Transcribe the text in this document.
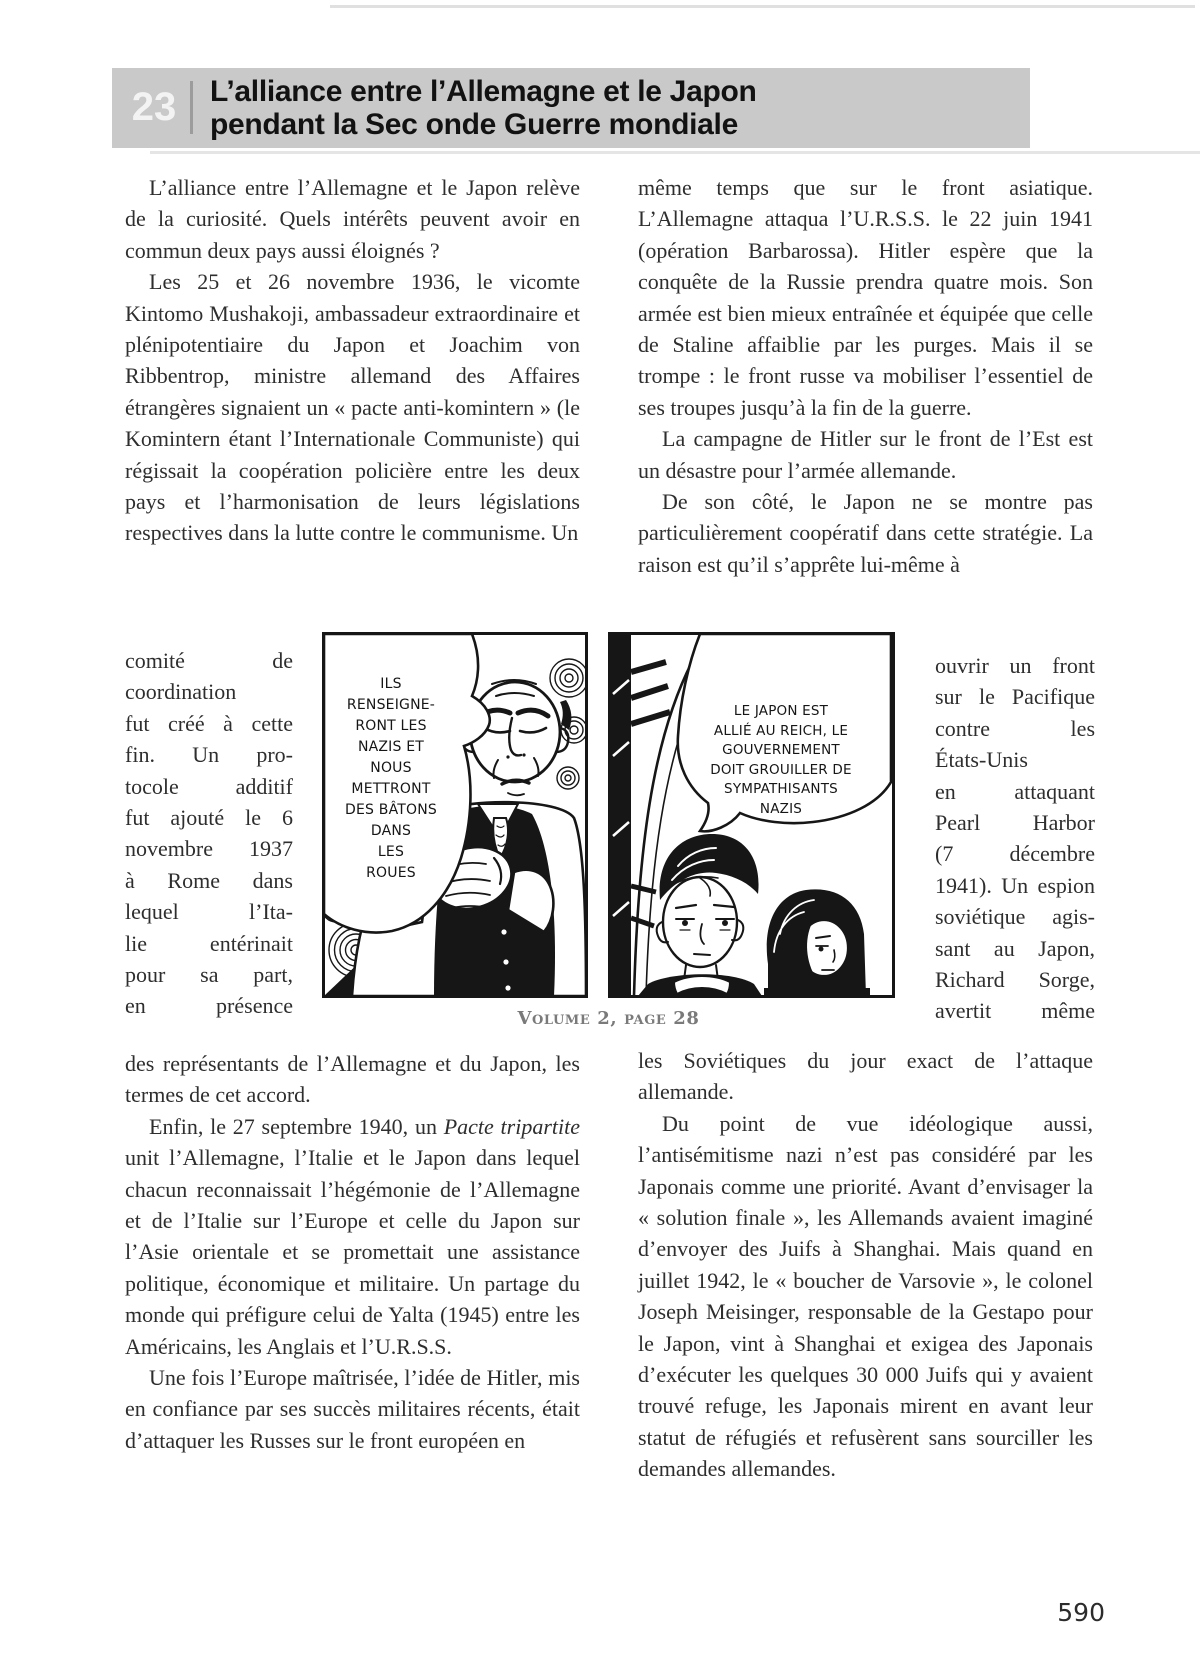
23 L’alliance entre l’Allemagne et le Japon
pendant la Sec onde Guerre mondiale

L’alliance entre l’Allemagne et le Japon relève de la curiosité. Quels intérêts peuvent avoir en commun deux pays aussi éloignés ?

Les 25 et 26 novembre 1936, le vicomte Kintomo Mushakoji, ambassadeur extraordinaire et plénipotentiaire du Japon et Joachim von Ribbentrop, ministre allemand des Affaires étrangères signaient un « pacte anti-komintern » (le Komintern étant l’Internationale Communiste) qui régissait la coopération policière entre les deux pays et l’harmonisation de leurs législations respectives dans la lutte contre le communisme. Un

comité de
coordination
fut créé à cette
fin. Un pro-
tocole additif
fut ajouté le 6
novembre 1937
à Rome dans
lequel l’Ita-
lie entérinait
pour sa part,
en présence

des représentants de l’Allemagne et du Japon, les termes de cet accord.

Enfin, le 27 septembre 1940, un Pacte tripartite unit l’Allemagne, l’Italie et le Japon dans lequel chacun reconnaissait l’hégémonie de l’Allemagne et de l’Italie sur l’Europe et celle du Japon sur l’Asie orientale et se promettait une assistance politique, économique et militaire. Un partage du monde qui préfigure celui de Yalta (1945) entre les Américains, les Anglais et l’U.R.S.S.

Une fois l’Europe maîtrisée, l’idée de Hitler, mis en confiance par ses succès militaires récents, était d’attaquer les Russes sur le front européen en

même temps que sur le front asiatique. L’Allemagne attaqua l’U.R.S.S. le 22 juin 1941 (opération Barbarossa). Hitler espère que la conquête de la Russie prendra quatre mois. Son armée est bien mieux entraînée et équipée que celle de Staline affaiblie par les purges. Mais il se trompe : le front russe va mobiliser l’essentiel de ses troupes jusqu’à la fin de la guerre.

La campagne de Hitler sur le front de l’Est est un désastre pour l’armée allemande.

De son côté, le Japon ne se montre pas particulièrement coopératif dans cette stratégie. La raison est qu’il s’apprête lui-même à

ouvrir un front
sur le Pacifique
contre les
États-Unis
en attaquant
Pearl Harbor
(7 décembre
1941). Un espion
soviétique agis-
sant au Japon,
Richard Sorge,
avertit même

les Soviétiques du jour exact de l’attaque allemande.

Du point de vue idéologique aussi, l’antisémitisme nazi n’est pas considéré par les Japonais comme une priorité. Avant d’envisager la « solution finale », les Allemands avaient imaginé d’envoyer des Juifs à Shanghai. Mais quand en juillet 1942, le « boucher de Varsovie », le colonel Joseph Meisinger, responsable de la Gestapo pour le Japon, vint à Shanghai et exigea des Japonais d’exécuter les quelques 30 000 Juifs qui y avaient trouvé refuge, les Japonais mirent en avant leur statut de réfugiés et refusèrent sans sourciller les demandes allemandes.

ILS
RENSEIGNE-
RONT LES
NAZIS ET
NOUS
METTRONT
DES BÂTONS
DANS
LES
ROUES
LE JAPON EST
ALLIÉ AU REICH, LE
GOUVERNEMENT
DOIT GROUILLER DE
SYMPATHISANTS
NAZIS
Volume 2, page 28
590
